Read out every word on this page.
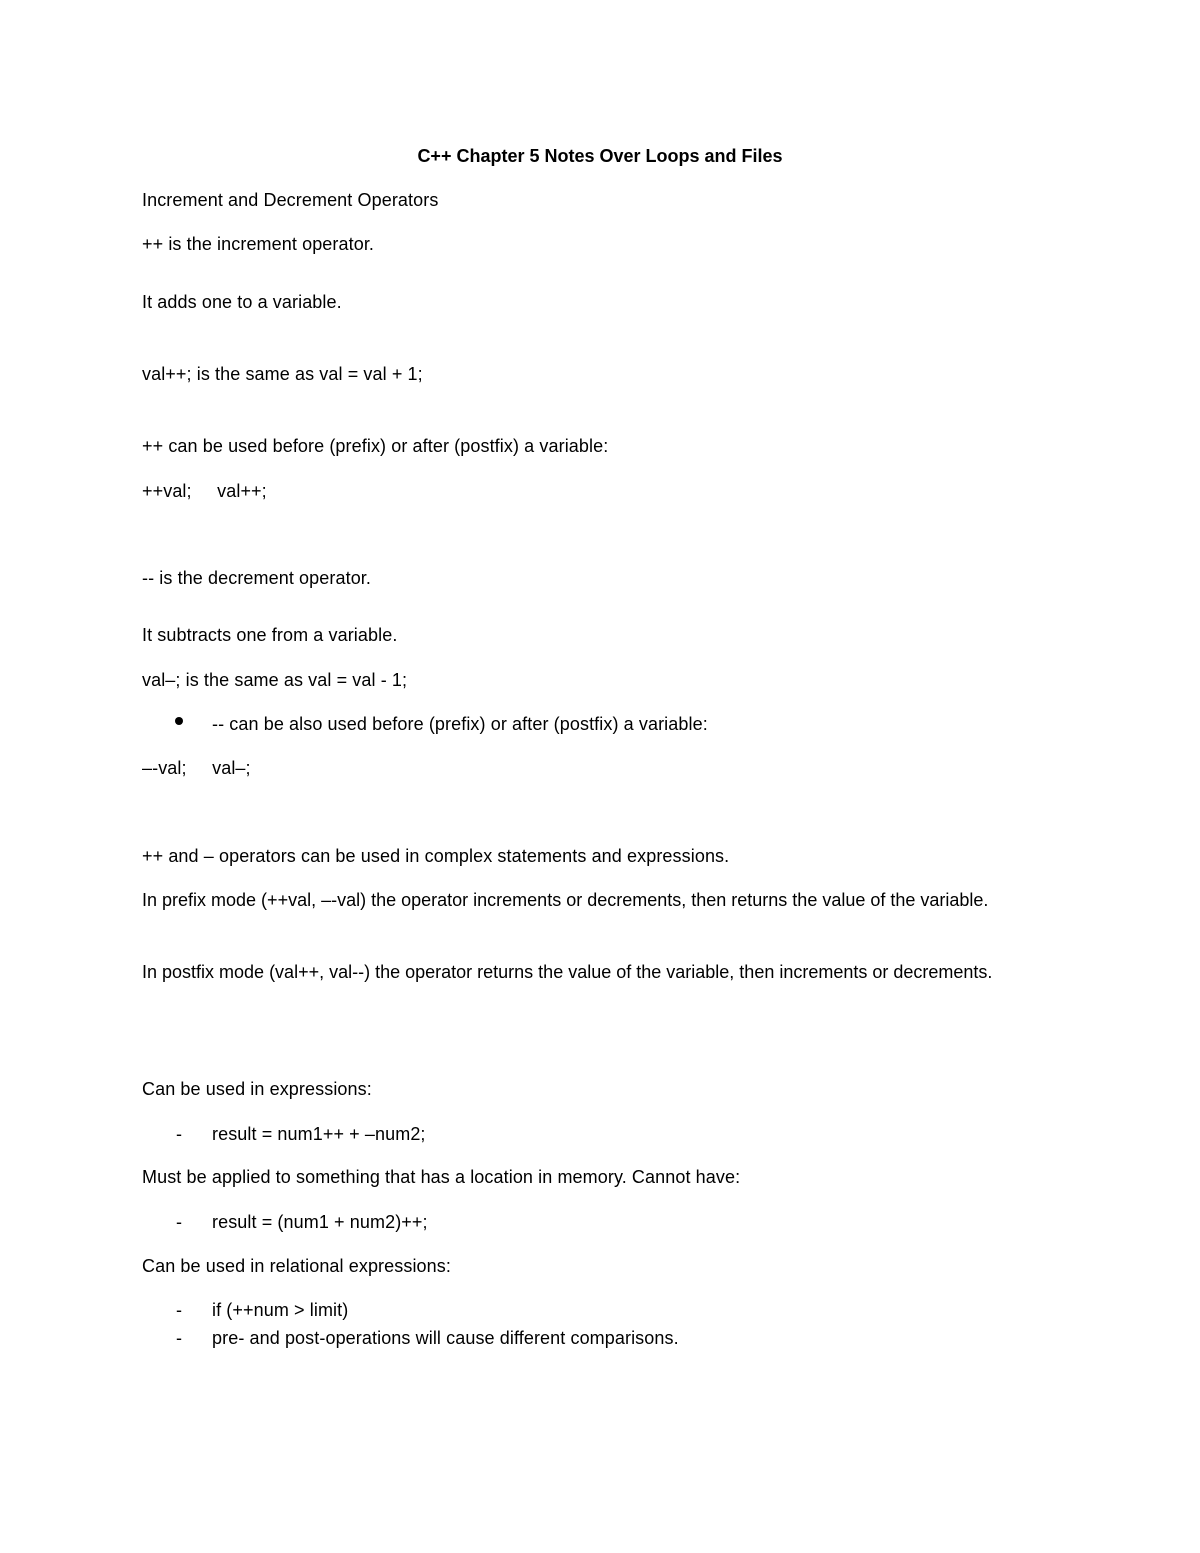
C++ Chapter 5 Notes Over Loops and Files
Increment and Decrement Operators
++ is the increment operator.
It adds one to a variable.
val++; is the same as val = val + 1;
++ can be used before (prefix) or after (postfix) a variable:
++val;     val++;
-- is the decrement operator.
It subtracts one from a variable.
val–; is the same as val = val - 1;
-- can be also used before (prefix) or after (postfix) a variable:
–-val;     val–;
++ and – operators can be used in complex statements and expressions.
In prefix mode (++val, –-val) the operator increments or decrements, then returns the value of the variable.
In postfix mode (val++, val--) the operator returns the value of the variable, then increments or decrements.
Can be used in expressions:
- result = num1++ + –num2;
Must be applied to something that has a location in memory. Cannot have:
- result = (num1 + num2)++;
Can be used in relational expressions:
- if (++num > limit)
- pre- and post-operations will cause different comparisons.
